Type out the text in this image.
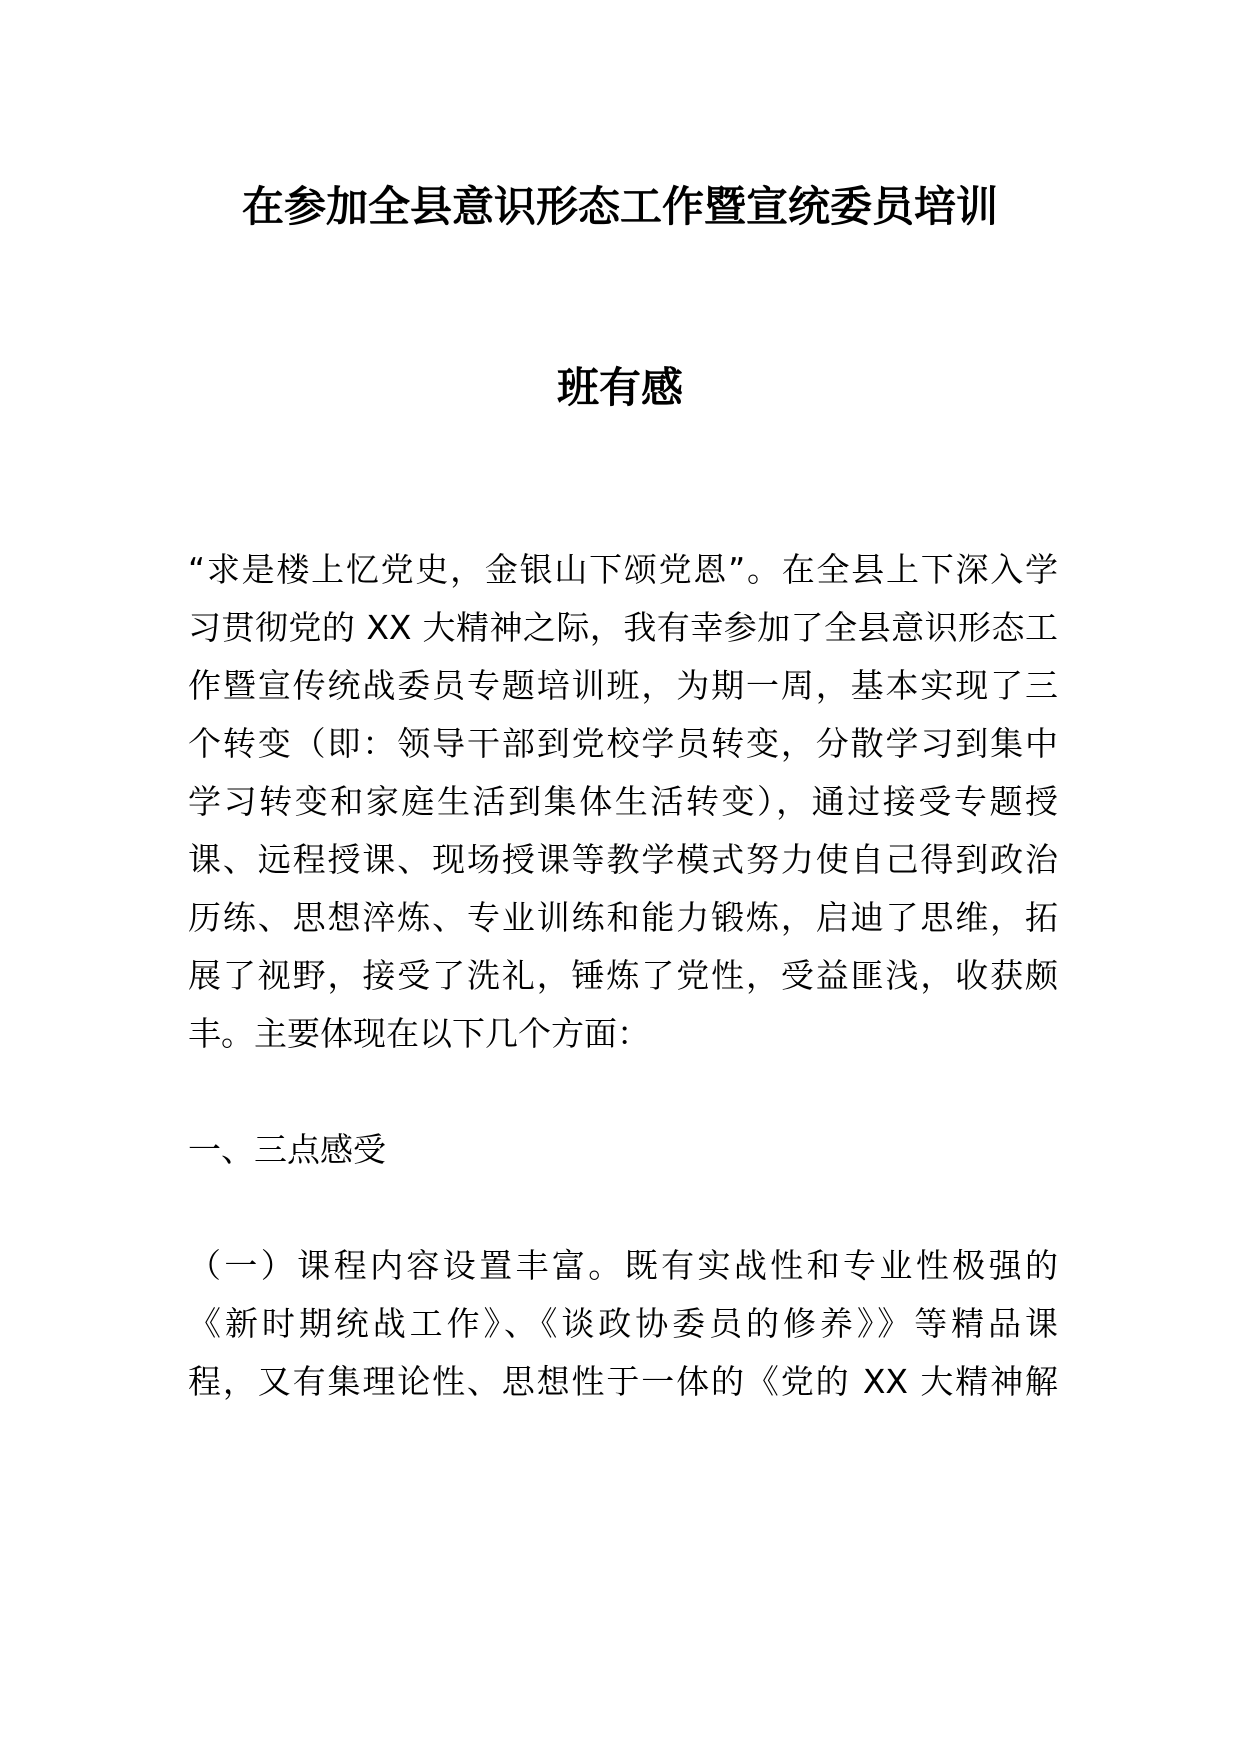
在参加全县意识形态工作暨宣统委员培训
班有感
“求是楼上忆党史，金银山下颂党恩”。在全县上下深入学
习贯彻党的 XX 大精神之际，我有幸参加了全县意识形态工
作暨宣传统战委员专题培训班，为期一周，基本实现了三
个转变（即：领导干部到党校学员转变，分散学习到集中
学习转变和家庭生活到集体生活转变），通过接受专题授
课、远程授课、现场授课等教学模式努力使自己得到政治
历练、思想淬炼、专业训练和能力锻炼，启迪了思维，拓
展了视野，接受了洗礼，锤炼了党性，受益匪浅，收获颇
丰。主要体现在以下几个方面：
一、三点感受
（一）课程内容设置丰富。既有实战性和专业性极强的
《新时期统战工作》、《谈政协委员的修养》》等精品课
程，又有集理论性、思想性于一体的《党的 XX 大精神解
